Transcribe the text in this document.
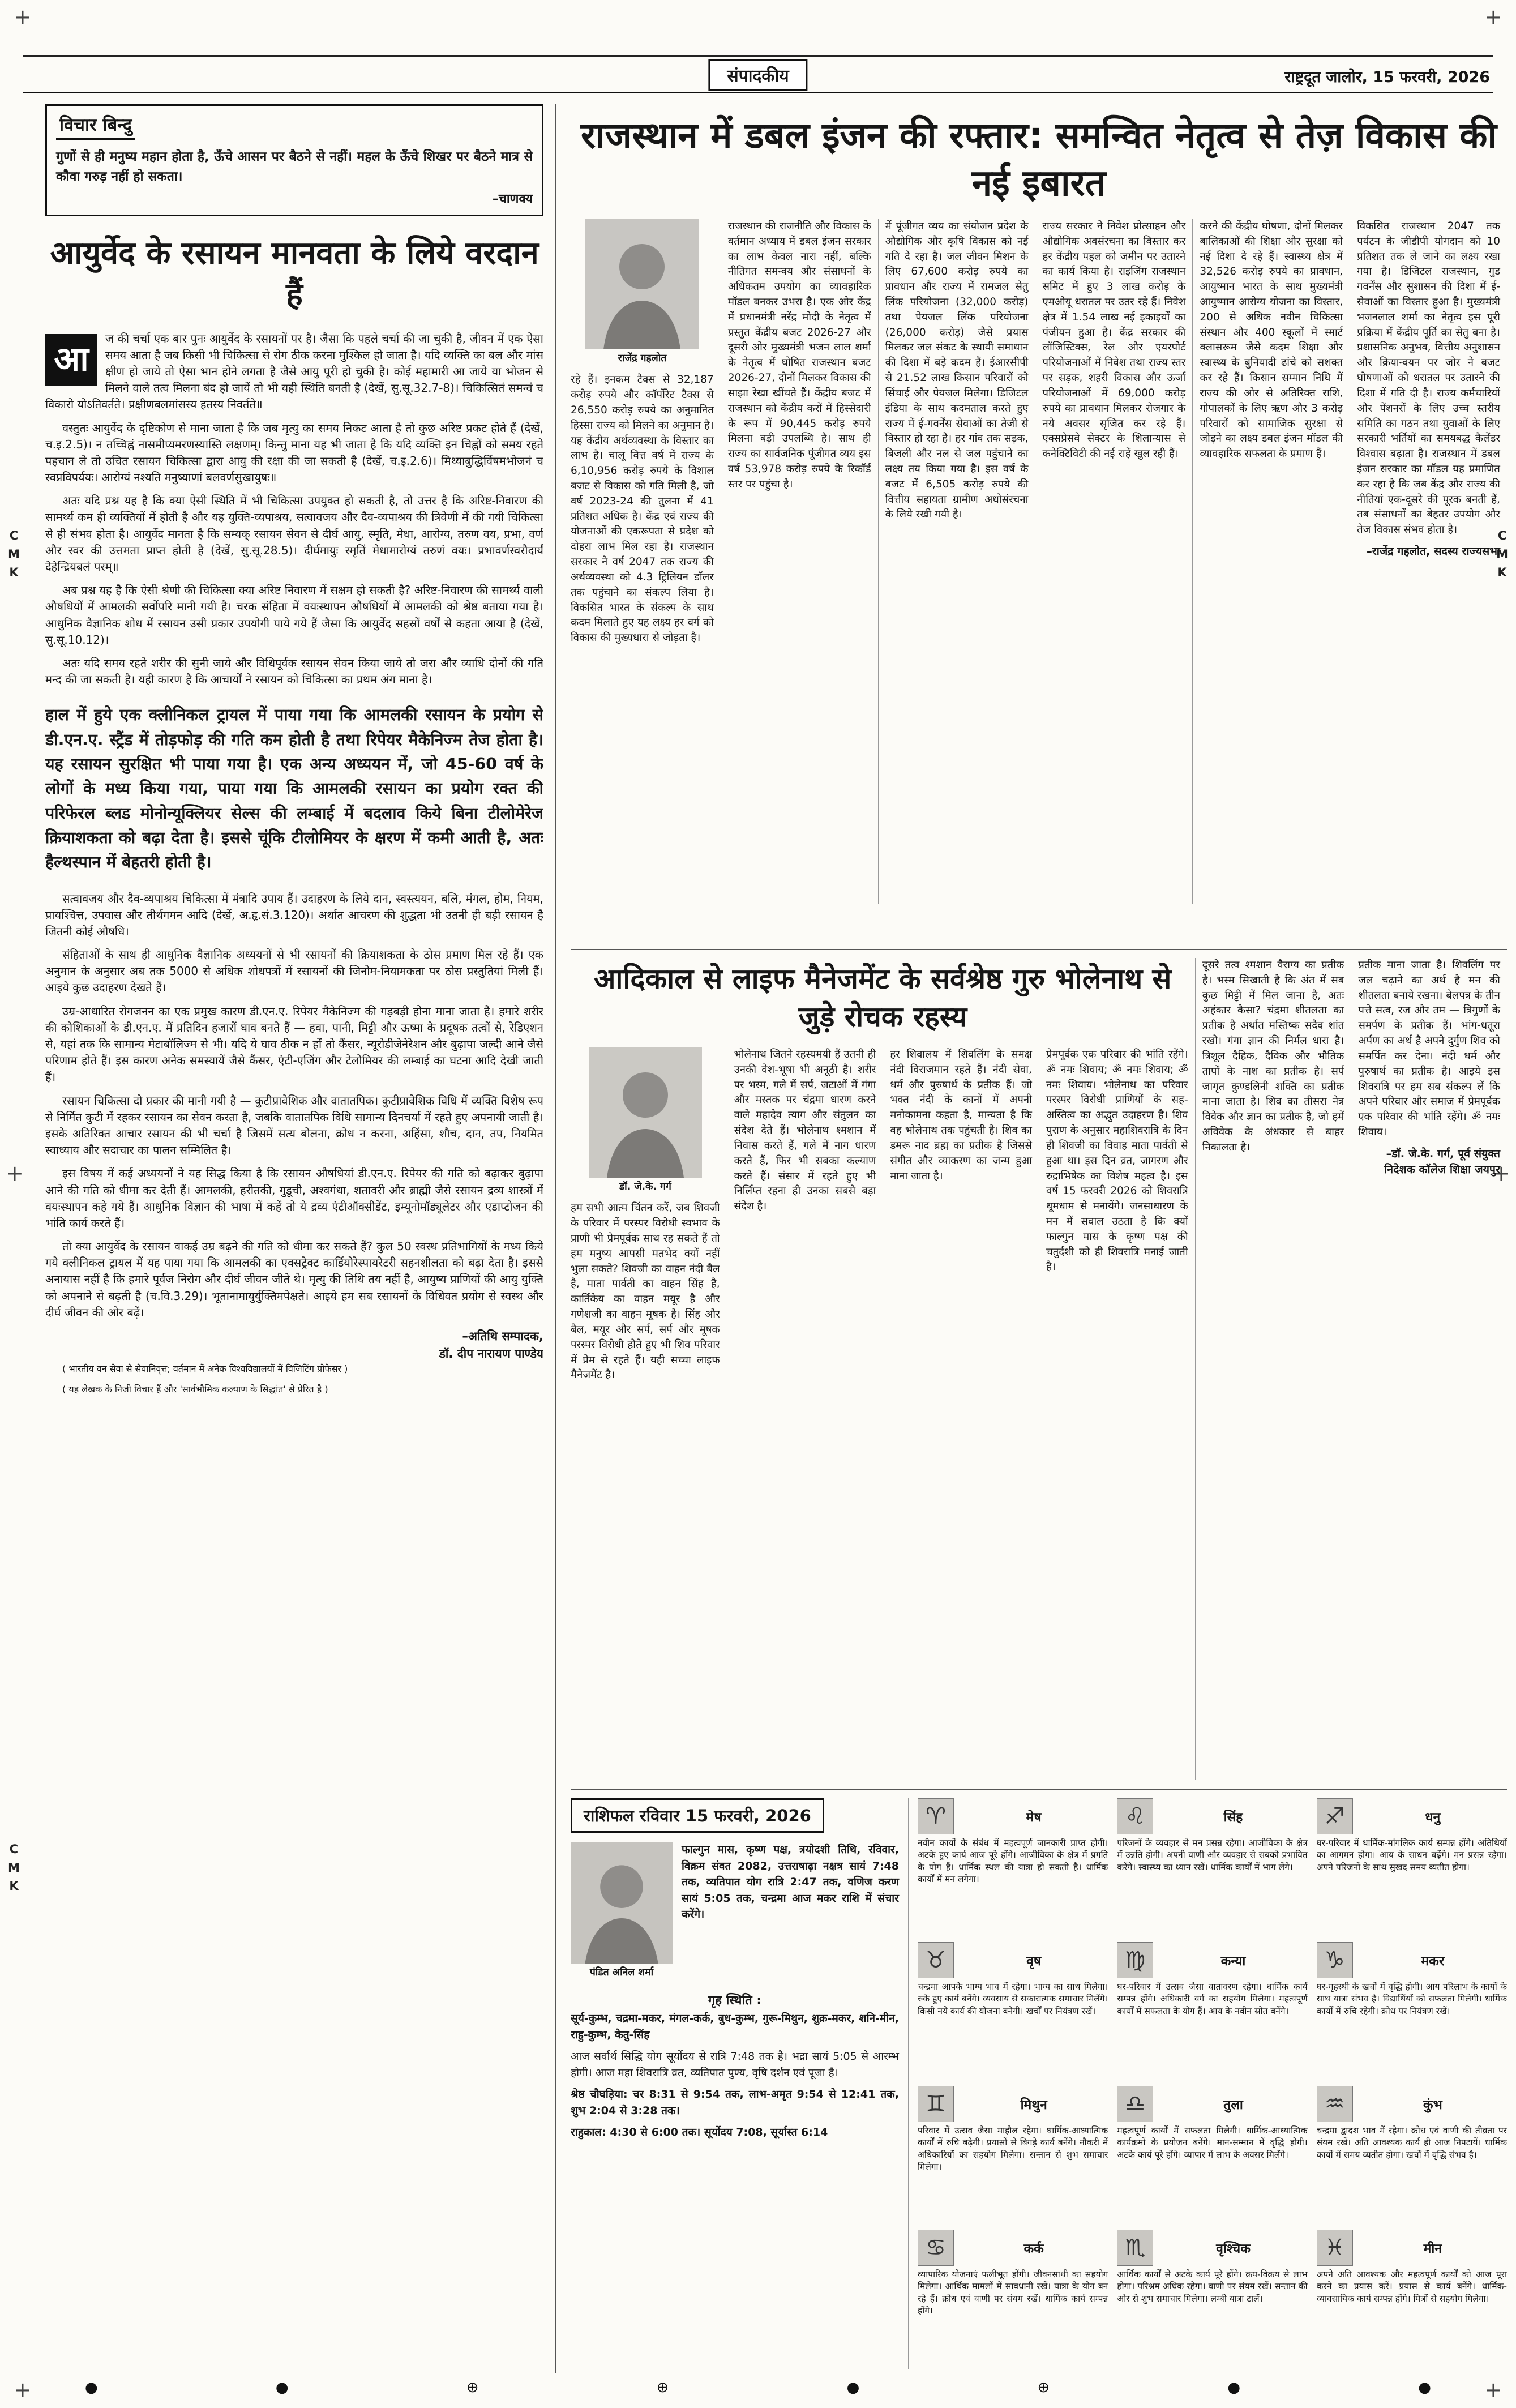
+	+
+	+
+	+
C
M
K
C
M
K
C
M
K
संपादकीय	राष्ट्रदूत जालोर, 15 फरवरी, 2026
विचार बिन्दु
गुणों से ही मनुष्य महान होता है, ऊँचे आसन पर बैठने से नहीं। महल के ऊँचे शिखर पर बैठने मात्र से कौवा गरुड़ नहीं हो सकता।
–चाणक्य
आयुर्वेद के रसायन मानवता के लिये वरदान हैं
आ

ज की चर्चा एक बार पुनः आयुर्वेद के रसायनों पर है। जैसा कि पहले चर्चा की जा चुकी है, जीवन में एक ऐसा समय आता है जब किसी भी चिकित्सा से रोग ठीक करना मुश्किल हो जाता है। यदि व्यक्ति का बल और मांस क्षीण हो जाये तो ऐसा भान होने लगता है जैसे आयु पूरी हो चुकी है। कोई महामारी आ जाये या भोजन से मिलने वाले तत्व मिलना बंद हो जायें तो भी यही स्थिति बनती है (देखें, सु.सू.32.7-8)। चिकित्सितं समन्वं च विकारो योऽतिवर्तते। प्रक्षीणबलमांसस्य हतस्य निवर्तते॥

वस्तुतः आयुर्वेद के दृष्टिकोण से माना जाता है कि जब मृत्यु का समय निकट आता है तो कुछ अरिष्ट प्रकट होते हैं (देखें, च.इ.2.5)। न तच्चिह्नं नासमीप्यमरणस्यास्ति लक्षणम्। किन्तु माना यह भी जाता है कि यदि व्यक्ति इन चिह्नों को समय रहते पहचान ले तो उचित रसायन चिकित्सा द्वारा आयु की रक्षा की जा सकती है (देखें, च.इ.2.6)। मिथ्याबुद्धिर्विषमभोजनं च स्वप्नविपर्ययः। आरोग्यं नश्यति मनुष्याणां बलवर्णसुखायुषः॥

अतः यदि प्रश्न यह है कि क्या ऐसी स्थिति में भी चिकित्सा उपयुक्त हो सकती है, तो उत्तर है कि अरिष्ट-निवारण की सामर्थ्य कम ही व्यक्तियों में होती है और यह युक्ति-व्यपाश्रय, सत्वावजय और दैव-व्यपाश्रय की त्रिवेणी में की गयी चिकित्सा से ही संभव होता है। आयुर्वेद मानता है कि सम्यक् रसायन सेवन से दीर्घ आयु, स्मृति, मेधा, आरोग्य, तरुण वय, प्रभा, वर्ण और स्वर की उत्तमता प्राप्त होती है (देखें, सु.सू.28.5)। दीर्घमायुः स्मृतिं मेधामारोग्यं तरुणं वयः। प्रभावर्णस्वरौदार्यं देहेन्द्रियबलं परम्॥

अब प्रश्न यह है कि ऐसी श्रेणी की चिकित्सा क्या अरिष्ट निवारण में सक्षम हो सकती है? अरिष्ट-निवारण की सामर्थ्य वाली औषधियों में आमलकी सर्वोपरि मानी गयी है। चरक संहिता में वयःस्थापन औषधियों में आमलकी को श्रेष्ठ बताया गया है। आधुनिक वैज्ञानिक शोध में रसायन उसी प्रकार उपयोगी पाये गये हैं जैसा कि आयुर्वेद सहस्रों वर्षों से कहता आया है (देखें, सु.सू.10.12)।

अतः यदि समय रहते शरीर की सुनी जाये और विधिपूर्वक रसायन सेवन किया जाये तो जरा और व्याधि दोनों की गति मन्द की जा सकती है। यही कारण है कि आचार्यों ने रसायन को चिकित्सा का प्रथम अंग माना है।

हाल में हुये एक क्लीनिकल ट्रायल में पाया गया कि आमलकी रसायन के प्रयोग से डी.एन.ए. स्ट्रैंड में तोड़फोड़ की गति कम होती है तथा रिपेयर मैकेनिज्म तेज होता है। यह रसायन सुरक्षित भी पाया गया है। एक अन्य अध्ययन में, जो 45-60 वर्ष के लोगों के मध्य किया गया, पाया गया कि आमलकी रसायन का प्रयोग रक्त की परिफेरल ब्लड मोनोन्यूक्लियर सेल्स की लम्बाई में बदलाव किये बिना टीलोमेरेज क्रियाशकता को बढ़ा देता है। इससे चूंकि टीलोमियर के क्षरण में कमी आती है, अतः हैल्थस्पान में बेहतरी होती है।

सत्वावजय और दैव-व्यपाश्रय चिकित्सा में मंत्रादि उपाय हैं। उदाहरण के लिये दान, स्वस्त्ययन, बलि, मंगल, होम, नियम, प्रायश्चित्त, उपवास और तीर्थगमन आदि (देखें, अ.हृ.सं.3.120)। अर्थात आचरण की शुद्धता भी उतनी ही बड़ी रसायन है जितनी कोई औषधि।

संहिताओं के साथ ही आधुनिक वैज्ञानिक अध्ययनों से भी रसायनों की क्रियाशकता के ठोस प्रमाण मिल रहे हैं। एक अनुमान के अनुसार अब तक 5000 से अधिक शोधपत्रों में रसायनों की जिनोम-नियामकता पर ठोस प्रस्तुतियां मिली हैं। आइये कुछ उदाहरण देखते हैं।

उम्र-आधारित रोगजनन का एक प्रमुख कारण डी.एन.ए. रिपेयर मैकेनिज्म की गड़बड़ी होना माना जाता है। हमारे शरीर की कोशिकाओं के डी.एन.ए. में प्रतिदिन हजारों घाव बनते हैं — हवा, पानी, मिट्टी और ऊष्मा के प्रदूषक तत्वों से, रेडिएशन से, यहां तक कि सामान्य मेटाबॉलिज्म से भी। यदि ये घाव ठीक न हों तो कैंसर, न्यूरोडीजेनेरेशन और बुढ़ापा जल्दी आने जैसे परिणाम होते हैं। इस कारण अनेक समस्यायें जैसे कैंसर, एंटी-एजिंग और टेलोमियर की लम्बाई का घटना आदि देखी जाती हैं।

रसायन चिकित्सा दो प्रकार की मानी गयी है — कुटीप्रावेशिक और वातातपिक। कुटीप्रावेशिक विधि में व्यक्ति विशेष रूप से निर्मित कुटी में रहकर रसायन का सेवन करता है, जबकि वातातपिक विधि सामान्य दिनचर्या में रहते हुए अपनायी जाती है। इसके अतिरिक्त आचार रसायन की भी चर्चा है जिसमें सत्य बोलना, क्रोध न करना, अहिंसा, शौच, दान, तप, नियमित स्वाध्याय और सदाचार का पालन सम्मिलित है।

इस विषय में कई अध्ययनों ने यह सिद्ध किया है कि रसायन औषधियां डी.एन.ए. रिपेयर की गति को बढ़ाकर बुढ़ापा आने की गति को धीमा कर देती हैं। आमलकी, हरीतकी, गुडूची, अश्वगंधा, शतावरी और ब्राह्मी जैसे रसायन द्रव्य शास्त्रों में वयःस्थापन कहे गये हैं। आधुनिक विज्ञान की भाषा में कहें तो ये द्रव्य एंटीऑक्सीडेंट, इम्यूनोमॉड्यूलेटर और एडाप्टोजन की भांति कार्य करते हैं।

तो क्या आयुर्वेद के रसायन वाकई उम्र बढ़ने की गति को धीमा कर सकते हैं? कुल 50 स्वस्थ प्रतिभागियों के मध्य किये गये क्लीनिकल ट्रायल में यह पाया गया कि आमलकी का एक्सट्रेक्ट कार्डियोरेस्पायरेटरी सहनशीलता को बढ़ा देता है। इससे अनायास नहीं है कि हमारे पूर्वज निरोग और दीर्घ जीवन जीते थे। मृत्यु की तिथि तय नहीं है, आयुष्य प्राणियों की आयु युक्ति को अपनाने से बढ़ती है (च.वि.3.29)। भूतानामायुर्युक्तिमपेक्षते। आइये हम सब रसायनों के विधिवत प्रयोग से स्वस्थ और दीर्घ जीवन की ओर बढ़ें।

–अतिथि सम्पादक,
डॉ. दीप नारायण पाण्डेय

( भारतीय वन सेवा से सेवानिवृत्त; वर्तमान में अनेक विश्वविद्यालयों में विजिटिंग प्रोफेसर )

( यह लेखक के निजी विचार हैं और 'सार्वभौमिक कल्याण के सिद्धांत' से प्रेरित है )

राजस्थान में डबल इंजन की रफ्तार: समन्वित नेतृत्व से तेज़ विकास की नई इबारत
राजेंद्र गहलोत

रहे हैं। इनकम टैक्स से 32,187 करोड़ रुपये और कॉर्पोरेट टैक्स से 26,550 करोड़ रुपये का अनुमानित हिस्सा राज्य को मिलने का अनुमान है। यह केंद्रीय अर्थव्यवस्था के विस्तार का लाभ है। चालू वित्त वर्ष में राज्य के 6,10,956 करोड़ रुपये के विशाल बजट से विकास को गति मिली है, जो वर्ष 2023-24 की तुलना में 41 प्रतिशत अधिक है। केंद्र एवं राज्य की योजनाओं की एकरूपता से प्रदेश को दोहरा लाभ मिल रहा है। राजस्थान सरकार ने वर्ष 2047 तक राज्य की अर्थव्यवस्था को 4.3 ट्रिलियन डॉलर तक पहुंचाने का संकल्प लिया है। विकसित भारत के संकल्प के साथ कदम मिलाते हुए यह लक्ष्य हर वर्ग को विकास की मुख्यधारा से जोड़ता है।

राजस्थान की राजनीति और विकास के वर्तमान अध्याय में डबल इंजन सरकार का लाभ केवल नारा नहीं, बल्कि नीतिगत समन्वय और संसाधनों के अधिकतम उपयोग का व्यावहारिक मॉडल बनकर उभरा है। एक ओर केंद्र में प्रधानमंत्री नरेंद्र मोदी के नेतृत्व में प्रस्तुत केंद्रीय बजट 2026-27 और दूसरी ओर मुख्यमंत्री भजन लाल शर्मा के नेतृत्व में घोषित राजस्थान बजट 2026-27, दोनों मिलकर विकास की साझा रेखा खींचते हैं। केंद्रीय बजट में राजस्थान को केंद्रीय करों में हिस्सेदारी के रूप में 90,445 करोड़ रुपये मिलना बड़ी उपलब्धि है। साथ ही राज्य का सार्वजनिक पूंजीगत व्यय इस वर्ष 53,978 करोड़ रुपये के रिकॉर्ड स्तर पर पहुंचा है।

में पूंजीगत व्यय का संयोजन प्रदेश के औद्योगिक और कृषि विकास को नई गति दे रहा है। जल जीवन मिशन के लिए 67,600 करोड़ रुपये का प्रावधान और राज्य में रामजल सेतु लिंक परियोजना (32,000 करोड़) तथा पेयजल लिंक परियोजना (26,000 करोड़) जैसे प्रयास मिलकर जल संकट के स्थायी समाधान की दिशा में बड़े कदम हैं। ईआरसीपी से 21.52 लाख किसान परिवारों को सिंचाई और पेयजल मिलेगा। डिजिटल इंडिया के साथ कदमताल करते हुए राज्य में ई-गवर्नेंस सेवाओं का तेजी से विस्तार हो रहा है। हर गांव तक सड़क, बिजली और नल से जल पहुंचाने का लक्ष्य तय किया गया है। इस वर्ष के बजट में 6,505 करोड़ रुपये की वित्तीय सहायता ग्रामीण अधोसंरचना के लिये रखी गयी है।

राज्य सरकार ने निवेश प्रोत्साहन और औद्योगिक अवसंरचना का विस्तार कर हर केंद्रीय पहल को जमीन पर उतारने का कार्य किया है। राइजिंग राजस्थान समिट में हुए 3 लाख करोड़ के एमओयू धरातल पर उतर रहे हैं। निवेश क्षेत्र में 1.54 लाख नई इकाइयों का पंजीयन हुआ है। केंद्र सरकार की लॉजिस्टिक्स, रेल और एयरपोर्ट परियोजनाओं में निवेश तथा राज्य स्तर पर सड़क, शहरी विकास और ऊर्जा परियोजनाओं में 69,000 करोड़ रुपये का प्रावधान मिलकर रोजगार के नये अवसर सृजित कर रहे हैं। एक्सप्रेसवे सेक्टर के शिलान्यास से कनेक्टिविटी की नई राहें खुल रही हैं।

करने की केंद्रीय घोषणा, दोनों मिलकर बालिकाओं की शिक्षा और सुरक्षा को नई दिशा दे रहे हैं। स्वास्थ्य क्षेत्र में 32,526 करोड़ रुपये का प्रावधान, आयुष्मान भारत के साथ मुख्यमंत्री आयुष्मान आरोग्य योजना का विस्तार, 200 से अधिक नवीन चिकित्सा संस्थान और 400 स्कूलों में स्मार्ट क्लासरूम जैसे कदम शिक्षा और स्वास्थ्य के बुनियादी ढांचे को सशक्त कर रहे हैं। किसान सम्मान निधि में राज्य की ओर से अतिरिक्त राशि, गोपालकों के लिए ऋण और 3 करोड़ परिवारों को सामाजिक सुरक्षा से जोड़ने का लक्ष्य डबल इंजन मॉडल की व्यावहारिक सफलता के प्रमाण हैं।

विकसित राजस्थान 2047 तक पर्यटन के जीडीपी योगदान को 10 प्रतिशत तक ले जाने का लक्ष्य रखा गया है। डिजिटल राजस्थान, गुड गवर्नेंस और सुशासन की दिशा में ई-सेवाओं का विस्तार हुआ है। मुख्यमंत्री भजनलाल शर्मा का नेतृत्व इस पूरी प्रक्रिया में केंद्रीय पूर्ति का सेतु बना है। प्रशासनिक अनुभव, वित्तीय अनुशासन और क्रियान्वयन पर जोर ने बजट घोषणाओं को धरातल पर उतारने की दिशा में गति दी है। राज्य कर्मचारियों और पेंशनरों के लिए उच्च स्तरीय समिति का गठन तथा युवाओं के लिए सरकारी भर्तियों का समयबद्ध कैलेंडर विश्वास बढ़ाता है। राजस्थान में डबल इंजन सरकार का मॉडल यह प्रमाणित कर रहा है कि जब केंद्र और राज्य की नीतियां एक-दूसरे की पूरक बनती हैं, तब संसाधनों का बेहतर उपयोग और तेज विकास संभव होता है।

–राजेंद्र गहलोत, सदस्य राज्यसभा
आदिकाल से लाइफ मैनेजमेंट के सर्वश्रेष्ठ गुरु भोलेनाथ से जुड़े रोचक रहस्य
डॉ. जे.के. गर्ग

हम सभी आत्म चिंतन करें, जब शिवजी के परिवार में परस्पर विरोधी स्वभाव के प्राणी भी प्रेमपूर्वक साथ रह सकते हैं तो हम मनुष्य आपसी मतभेद क्यों नहीं भुला सकते? शिवजी का वाहन नंदी बैल है, माता पार्वती का वाहन सिंह है, कार्तिकेय का वाहन मयूर है और गणेशजी का वाहन मूषक है। सिंह और बैल, मयूर और सर्प, सर्प और मूषक परस्पर विरोधी होते हुए भी शिव परिवार में प्रेम से रहते हैं। यही सच्चा लाइफ मैनेजमेंट है।

भोलेनाथ जितने रहस्यमयी हैं उतनी ही उनकी वेश-भूषा भी अनूठी है। शरीर पर भस्म, गले में सर्प, जटाओं में गंगा और मस्तक पर चंद्रमा धारण करने वाले महादेव त्याग और संतुलन का संदेश देते हैं। भोलेनाथ श्मशान में निवास करते हैं, गले में नाग धारण करते हैं, फिर भी सबका कल्याण करते हैं। संसार में रहते हुए भी निर्लिप्त रहना ही उनका सबसे बड़ा संदेश है।

हर शिवालय में शिवलिंग के समक्ष नंदी विराजमान रहते हैं। नंदी सेवा, धर्म और पुरुषार्थ के प्रतीक हैं। जो भक्त नंदी के कानों में अपनी मनोकामना कहता है, मान्यता है कि वह भोलेनाथ तक पहुंचती है। शिव का डमरू नाद ब्रह्म का प्रतीक है जिससे संगीत और व्याकरण का जन्म हुआ माना जाता है।

प्रेमपूर्वक एक परिवार की भांति रहेंगे। ॐ नमः शिवाय; ॐ नमः शिवाय; ॐ नमः शिवाय। भोलेनाथ का परिवार परस्पर विरोधी प्राणियों के सह-अस्तित्व का अद्भुत उदाहरण है। शिव पुराण के अनुसार महाशिवरात्रि के दिन ही शिवजी का विवाह माता पार्वती से हुआ था। इस दिन व्रत, जागरण और रुद्राभिषेक का विशेष महत्व है। इस वर्ष 15 फरवरी 2026 को शिवरात्रि धूमधाम से मनायेंगे। जनसाधारण के मन में सवाल उठता है कि क्यों फाल्गुन मास के कृष्ण पक्ष की चतुर्दशी को ही शिवरात्रि मनाई जाती है।

दूसरे तत्व श्मशान वैराग्य का प्रतीक है। भस्म सिखाती है कि अंत में सब कुछ मिट्टी में मिल जाना है, अतः अहंकार कैसा? चंद्रमा शीतलता का प्रतीक है अर्थात मस्तिष्क सदैव शांत रखो। गंगा ज्ञान की निर्मल धारा है। त्रिशूल दैहिक, दैविक और भौतिक तापों के नाश का प्रतीक है। सर्प जागृत कुण्डलिनी शक्ति का प्रतीक माना जाता है। शिव का तीसरा नेत्र विवेक और ज्ञान का प्रतीक है, जो हमें अविवेक के अंधकार से बाहर निकालता है।

प्रतीक माना जाता है। शिवलिंग पर जल चढ़ाने का अर्थ है मन की शीतलता बनाये रखना। बेलपत्र के तीन पत्ते सत्व, रज और तम — त्रिगुणों के समर्पण के प्रतीक हैं। भांग-धतूरा अर्पण का अर्थ है अपने दुर्गुण शिव को समर्पित कर देना। नंदी धर्म और पुरुषार्थ का प्रतीक है। आइये इस शिवरात्रि पर हम सब संकल्प लें कि अपने परिवार और समाज में प्रेमपूर्वक एक परिवार की भांति रहेंगे। ॐ नमः शिवाय।

–डॉ. जे.के. गर्ग, पूर्व संयुक्त निदेशक कॉलेज शिक्षा जयपुर
राशिफल रविवार 15 फरवरी, 2026
पंडित अनिल शर्मा
फाल्गुन मास, कृष्ण पक्ष, त्रयोदशी तिथि, रविवार, विक्रम संवत 2082, उत्तराषाढ़ा नक्षत्र सायं 7:48 तक, व्यतिपात योग रात्रि 2:47 तक, वणिज करण सायं 5:05 तक, चन्द्रमा आज मकर राशि में संचार करेंगे।
गृह स्थिति :
सूर्य-कुम्भ, चद्रमा-मकर, मंगल-कर्क, बुध-कुम्भ, गुरू-मिथुन, शुक्र-मकर, शनि-मीन, राहु-कुम्भ, केतु-सिंह
आज सर्वार्थ सिद्धि योग सूर्योदय से रात्रि 7:48 तक है। भद्रा सायं 5:05 से आरम्भ होगी। आज महा शिवरात्रि व्रत, व्यतिपात पुण्य, वृषि दर्शन एवं पूजा है।
श्रेष्ठ चौघड़िया: चर 8:31 से 9:54 तक, लाभ-अमृत 9:54 से 12:41 तक, शुभ 2:04 से 3:28 तक।
राहुकाल: 4:30 से 6:00 तक। सूर्योदय 7:08, सूर्यास्त 6:14
♈	मेष

नवीन कार्यों के संबंध में महत्वपूर्ण जानकारी प्राप्त होगी। अटके हुए कार्य आज पूरे होंगे। आजीविका के क्षेत्र में प्रगति के योग हैं। धार्मिक स्थल की यात्रा हो सकती है। धार्मिक कार्यों में मन लगेगा।

♉	वृष

चन्द्रमा आपके भाग्य भाव में रहेगा। भाग्य का साथ मिलेगा। रुके हुए कार्य बनेंगे। व्यवसाय से सकारात्मक समाचार मिलेंगे। किसी नये कार्य की योजना बनेगी। खर्चों पर नियंत्रण रखें।

♊	मिथुन

परिवार में उत्सव जैसा माहौल रहेगा। धार्मिक-आध्यात्मिक कार्यों में रुचि बढ़ेगी। प्रयासों से बिगड़े कार्य बनेंगे। नौकरी में अधिकारियों का सहयोग मिलेगा। सन्तान से शुभ समाचार मिलेगा।

♋	कर्क

व्यापारिक योजनाएं फलीभूत होंगी। जीवनसाथी का सहयोग मिलेगा। आर्थिक मामलों में सावधानी रखें। यात्रा के योग बन रहे हैं। क्रोध एवं वाणी पर संयम रखें। धार्मिक कार्य सम्पन्न होंगे।

♌	सिंह

परिजनों के व्यवहार से मन प्रसन्न रहेगा। आजीविका के क्षेत्र में उन्नति होगी। अपनी वाणी और व्यवहार से सबको प्रभावित करेंगे। स्वास्थ्य का ध्यान रखें। धार्मिक कार्यों में भाग लेंगे।

♍	कन्या

घर-परिवार में उत्सव जैसा वातावरण रहेगा। धार्मिक कार्य सम्पन्न होंगे। अधिकारी वर्ग का सहयोग मिलेगा। महत्वपूर्ण कार्यों में सफलता के योग हैं। आय के नवीन स्रोत बनेंगे।

♎	तुला

महत्वपूर्ण कार्यों में सफलता मिलेगी। धार्मिक-आध्यात्मिक कार्यक्रमों के प्रयोजन बनेंगे। मान-सम्मान में वृद्धि होगी। अटके कार्य पूरे होंगे। व्यापार में लाभ के अवसर मिलेंगे।

♏	वृश्चिक

आर्थिक कार्यों से अटके कार्य पूरे होंगे। क्रय-विक्रय से लाभ होगा। परिश्रम अधिक रहेगा। वाणी पर संयम रखें। सन्तान की ओर से शुभ समाचार मिलेगा। लम्बी यात्रा टालें।

♐	धनु

घर-परिवार में धार्मिक-मांगलिक कार्य सम्पन्न होंगे। अतिथियों का आगमन होगा। आय के साधन बढ़ेंगे। मन प्रसन्न रहेगा। अपने परिजनों के साथ सुखद समय व्यतीत होगा।

♑	मकर

घर-गृहस्थी के खर्चों में वृद्धि होगी। आय परिलाभ के कार्यों के साथ यात्रा संभव है। विद्यार्थियों को सफलता मिलेगी। धार्मिक कार्यों में रुचि रहेगी। क्रोध पर नियंत्रण रखें।

♒	कुंभ

चन्द्रमा द्वादश भाव में रहेगा। क्रोध एवं वाणी की तीव्रता पर संयम रखें। अति आवश्यक कार्य ही आज निपटायें। धार्मिक कार्यों में समय व्यतीत होगा। खर्चों में वृद्धि संभव है।

♓	मीन

अपने अति आवश्यक और महत्वपूर्ण कार्यों को आज पूरा करने का प्रयास करें। प्रयास से कार्य बनेंगे। धार्मिक-व्यावसायिक कार्य सम्पन्न होंगे। मित्रों से सहयोग मिलेगा।

●	●	⊕	⊕	●	⊕	●	●
